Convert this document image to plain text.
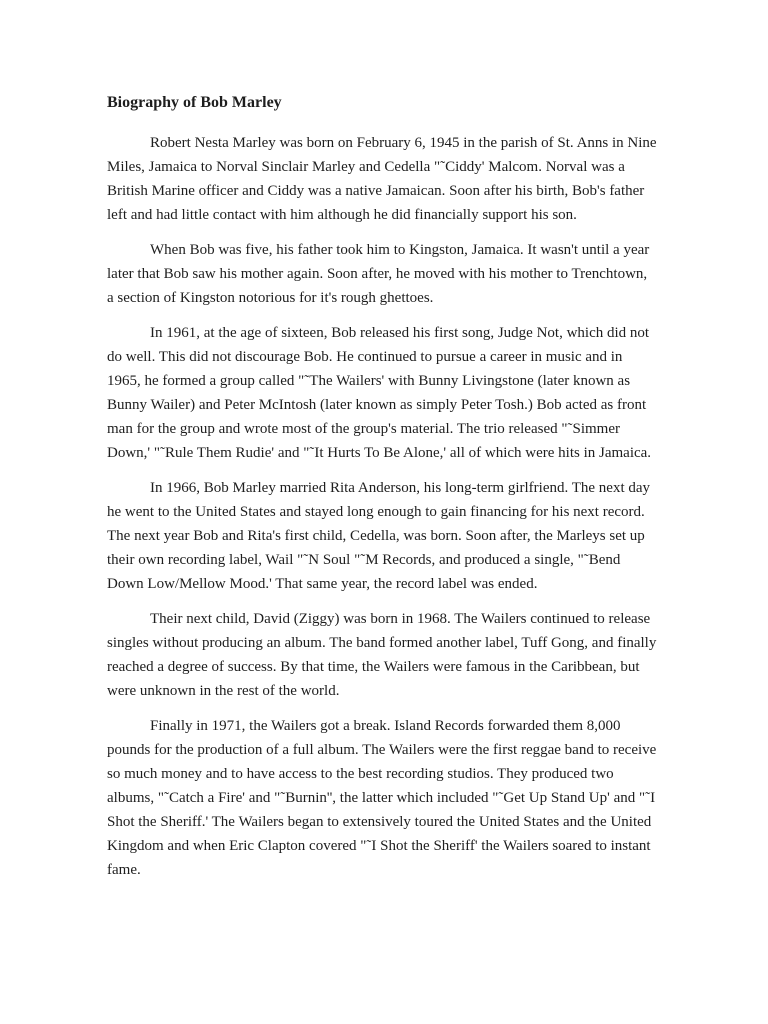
Biography of Bob Marley

Robert Nesta Marley was born on February 6, 1945 in the parish of St. Anns in Nine Miles, Jamaica to Norval Sinclair Marley and Cedella "˜Ciddy' Malcom. Norval was a British Marine officer and Ciddy was a native Jamaican. Soon after his birth, Bob's father left and had little contact with him although he did financially support his son.

When Bob was five, his father took him to Kingston, Jamaica. It wasn't until a year later that Bob saw his mother again. Soon after, he moved with his mother to Trenchtown, a section of Kingston notorious for it's rough ghettoes.

In 1961, at the age of sixteen, Bob released his first song, Judge Not, which did not do well. This did not discourage Bob. He continued to pursue a career in music and in 1965, he formed a group called "˜The Wailers' with Bunny Livingstone (later known as Bunny Wailer) and Peter McIntosh (later known as simply Peter Tosh.) Bob acted as front man for the group and wrote most of the group's material. The trio released "˜Simmer Down,' "˜Rule Them Rudie' and "˜It Hurts To Be Alone,' all of which were hits in Jamaica.

In 1966, Bob Marley married Rita Anderson, his long-term girlfriend. The next day he went to the United States and stayed long enough to gain financing for his next record. The next year Bob and Rita's first child, Cedella, was born. Soon after, the Marleys set up their own recording label, Wail "˜N Soul "˜M Records, and produced a single, "˜Bend Down Low/Mellow Mood.' That same year, the record label was ended.

Their next child, David (Ziggy) was born in 1968. The Wailers continued to release singles without producing an album. The band formed another label, Tuff Gong, and finally reached a degree of success. By that time, the Wailers were famous in the Caribbean, but were unknown in the rest of the world.

Finally in 1971, the Wailers got a break. Island Records forwarded them 8,000 pounds for the production of a full album. The Wailers were the first reggae band to receive so much money and to have access to the best recording studios. They produced two albums, "˜Catch a Fire' and "˜Burnin'', the latter which included "˜Get Up Stand Up' and "˜I Shot the Sheriff.' The Wailers began to extensively toured the United States and the United Kingdom and when Eric Clapton covered "˜I Shot the Sheriff' the Wailers soared to instant fame.
